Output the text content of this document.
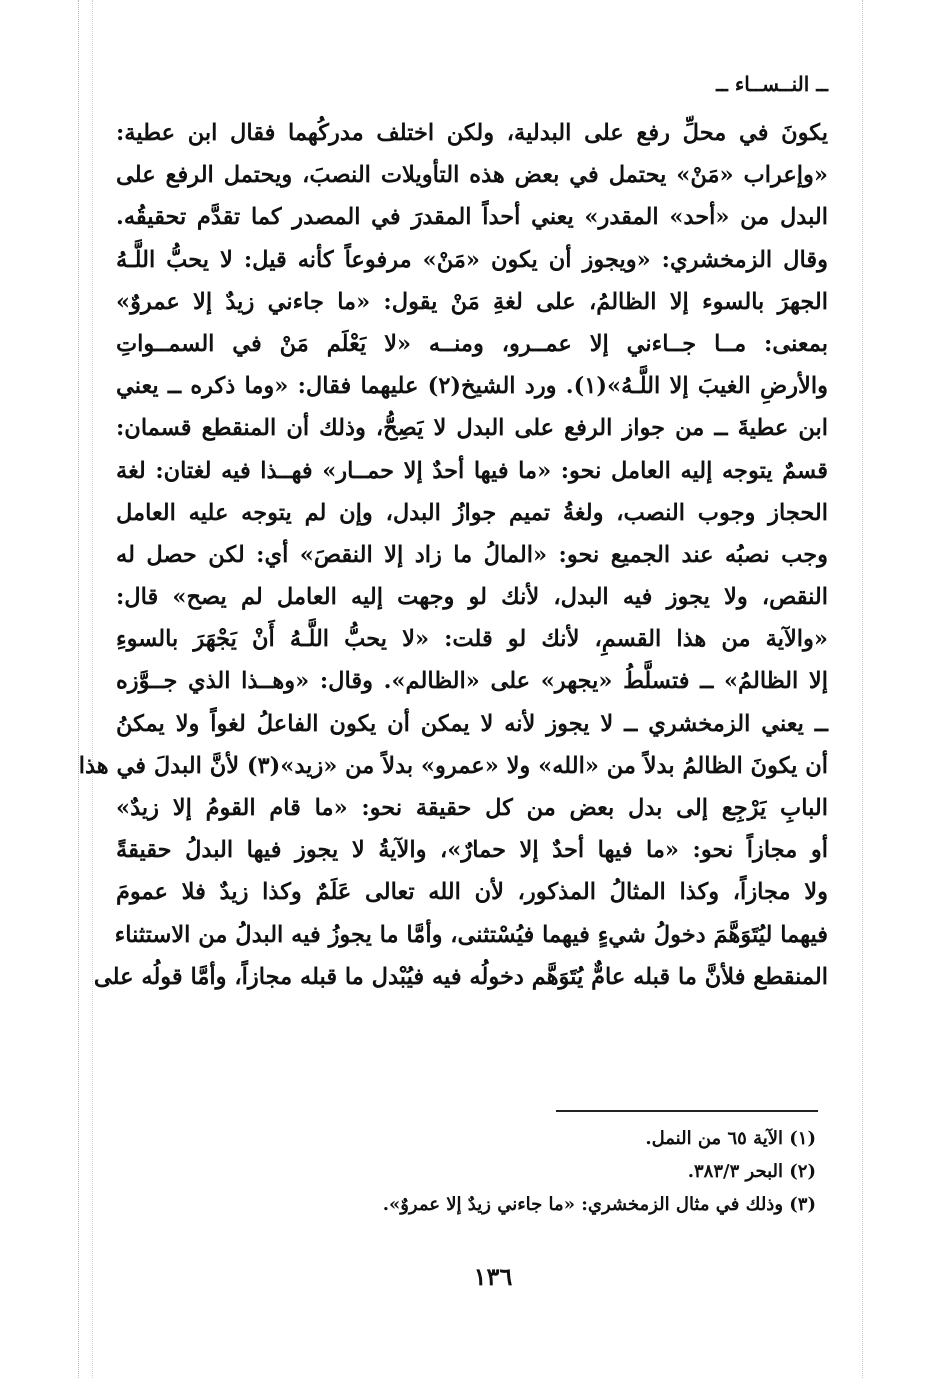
ــ النــســاء ــ
يكونَ في محلِّ رفع على البدلية، ولكن اختلف مدركُهما فقال ابن عطية:
«وإعراب «مَنْ» يحتمل في بعض هذه التأويلات النصبَ، ويحتمل الرفع على
البدل من «أحد» المقدر» يعني أحداً المقدرَ في المصدر كما تقدَّم تحقيقُه.
وقال الزمخشري: «ويجوز أن يكون «مَنْ» مرفوعاً كأنه قيل: لا يحبُّ اللَّـهُ
الجهرَ بالسوء إلا الظالمُ، على لغةِ مَنْ يقول: «ما جاءني زيدٌ إلا عمروٌ»
بمعنى: مــا جــاءني إلا عمــرو، ومنــه «لا يَعْلَم مَنْ في السمــواتِ
والأرضِ الغيبَ إلا اللَّـهُ»(١). ورد الشيخ(٢) عليهما فقال: «وما ذكره ــ يعني
ابن عطيةَ ــ من جواز الرفع على البدل لا يَصِحُّ، وذلك أن المنقطع قسمان:
قسمٌ يتوجه إليه العامل نحو: «ما فيها أحدٌ إلا حمــار» فهــذا فيه لغتان: لغة
الحجاز وجوب النصب، ولغةُ تميم جوازُ البدل، وإن لم يتوجه عليه العامل
وجب نصبُه عند الجميع نحو: «المالُ ما زاد إلا النقصَ» أي: لكن حصل له
النقص، ولا يجوز فيه البدل، لأنك لو وجهت إليه العامل لم يصح» قال:
«والآية من هذا القسمِ، لأنك لو قلت: «لا يحبُّ اللَّـهُ أَنْ يَجْهَرَ بالسوءِ
إلا الظالمُ» ــ فتسلَّطُ «يجهر» على «الظالم». وقال: «وهــذا الذي جــوَّزه
ــ يعني الزمخشري ــ لا يجوز لأنه لا يمكن أن يكون الفاعلُ لغواً ولا يمكنُ
أن يكونَ الظالمُ بدلاً من «الله» ولا «عمرو» بدلاً من «زيد»(٣) لأنَّ البدلَ في هذا
البابِ يَرْجِع إلى بدل بعض من كل حقيقة نحو: «ما قام القومُ إلا زيدٌ»
أو مجازاً نحو: «ما فيها أحدٌ إلا حمارٌ»، والآيةُ لا يجوز فيها البدلُ حقيقةً
ولا مجازاً، وكذا المثالُ المذكور، لأن الله تعالى عَلَمٌ وكذا زيدٌ فلا عمومَ
فيهما ليُتَوَهَّمَ دخولُ شيءٍ فيهما فيُسْتثنى، وأمَّا ما يجوزُ فيه البدلُ من الاستثناء
المنقطع فلأنَّ ما قبله عامٌّ يُتَوَهَّم دخولُه فيه فيُبْدل ما قبله مجازاً، وأمَّا قولُه على
(١) الآية ٦٥ من النمل.
(٢) البحر ٣٨٣/٣.
(٣) وذلك في مثال الزمخشري: «ما جاءني زيدٌ إلا عمروٌ».
١٣٦
